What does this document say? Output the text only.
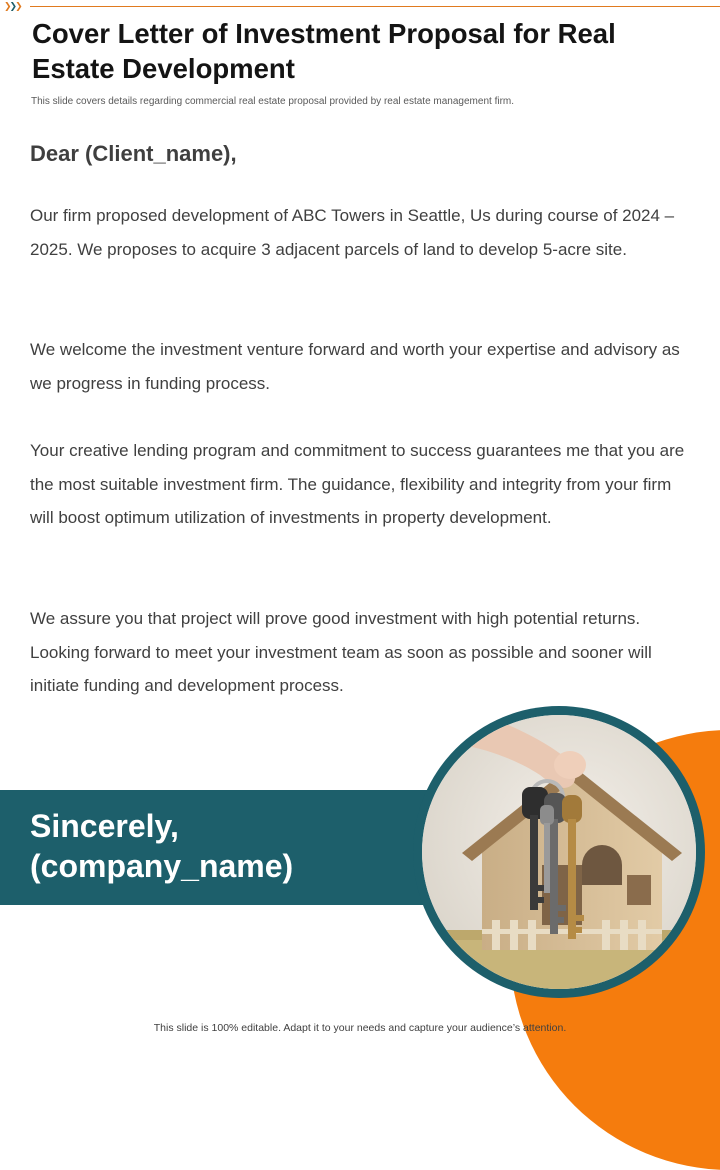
❯❯❯
Cover Letter of Investment Proposal for Real Estate Development

This slide covers details regarding commercial real estate proposal provided by real estate management firm.

Dear (Client_name),

Our firm proposed development of ABC Towers in Seattle, Us during course of 2024 – 2025. We proposes to acquire 3 adjacent parcels of land to develop 5-acre site.

We welcome the investment venture forward and worth your expertise and advisory as we progress in funding process.

Your creative lending program and commitment to success guarantees me that you are the most suitable investment firm. The guidance, flexibility and integrity from your firm will boost optimum utilization of investments in property development.

We assure you that project will prove good investment with high potential returns. Looking forward to meet your investment team as soon as possible and sooner will initiate funding and development process.

Sincerely,
(company_name)

This slide is 100% editable. Adapt it to your needs and capture your audience’s attention.
